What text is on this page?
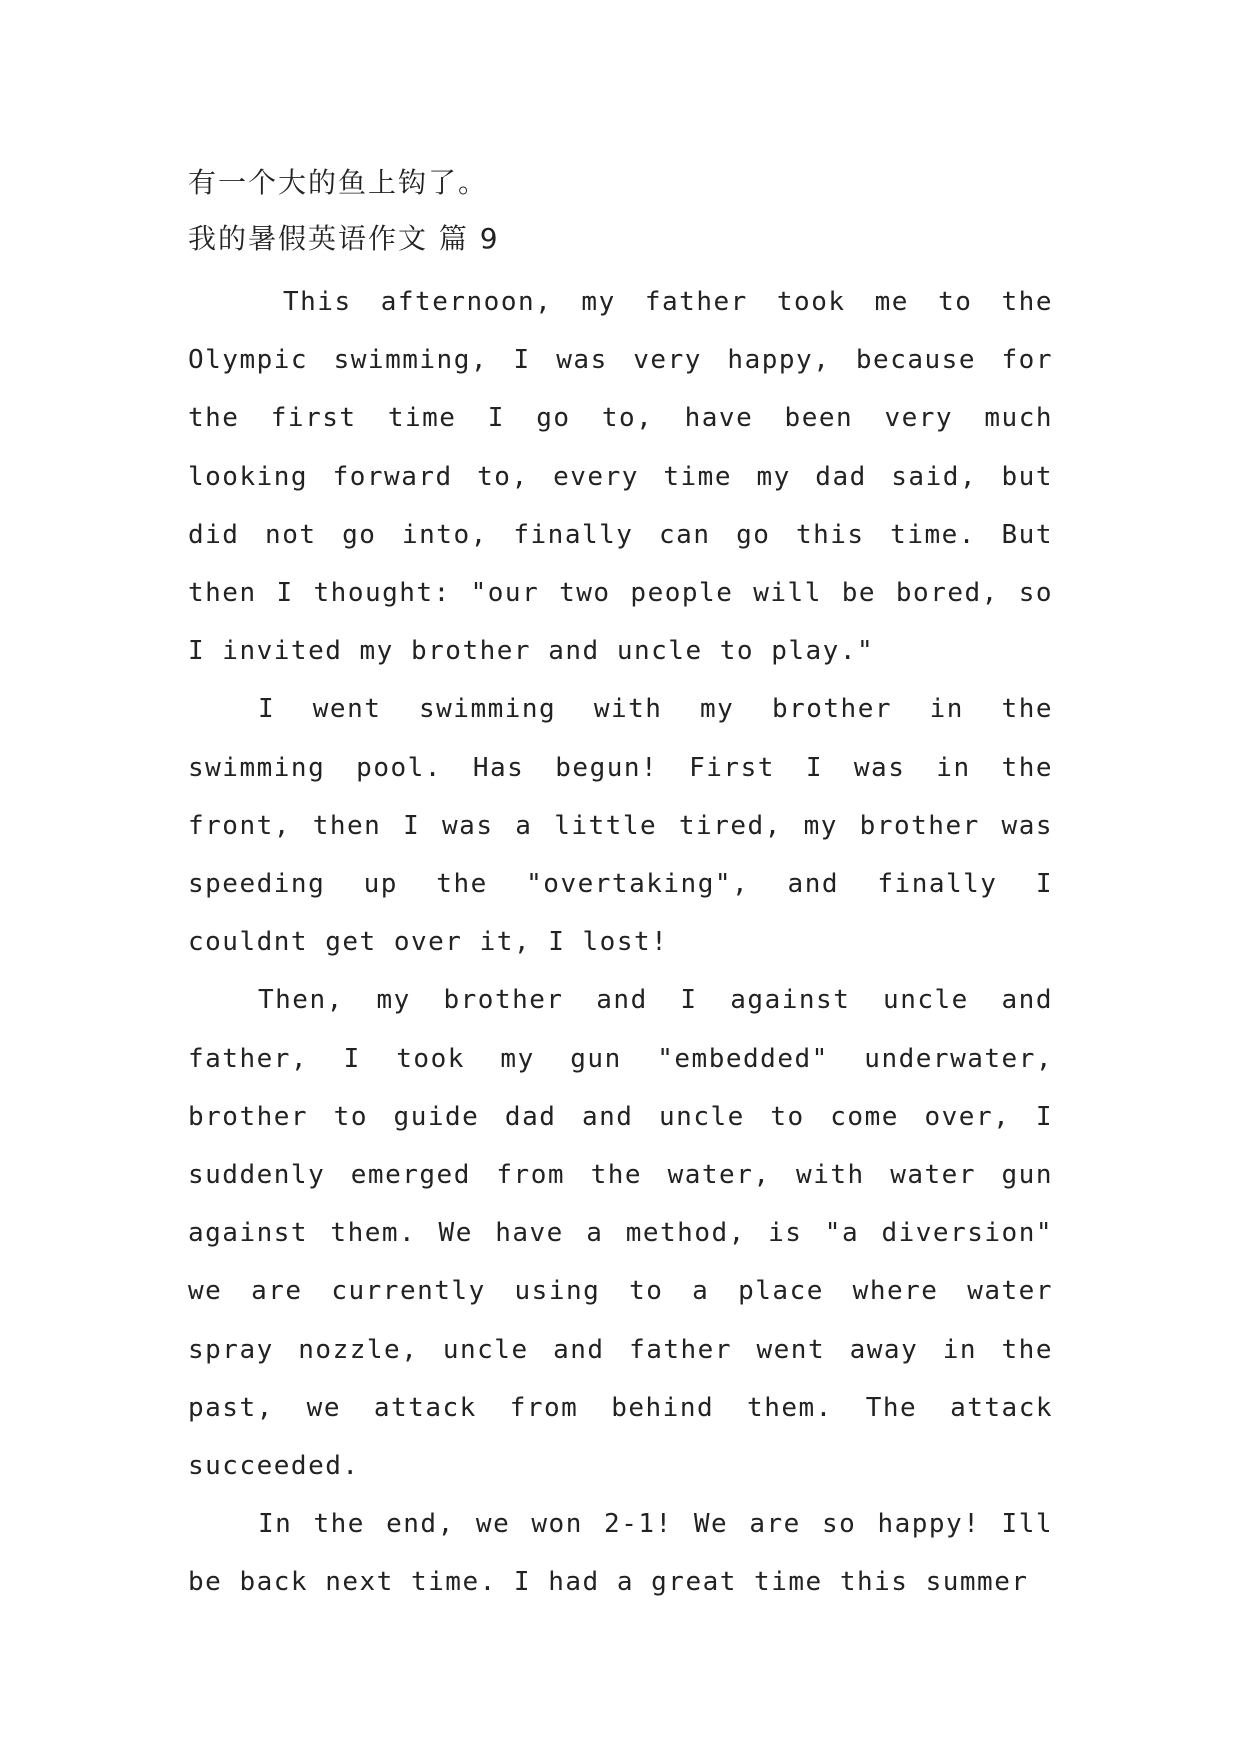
有一个大的鱼上钩了。
我的暑假英语作文 篇 9

This afternoon, my father took me to the Olympic swimming, I was very happy, because for the first time I go to, have been very much looking forward to, every time my dad said, but did not go into, finally can go this time. But then I thought: "our two people will be bored, so I invited my brother and uncle to play."

I went swimming with my brother in the swimming pool. Has begun! First I was in the front, then I was a little tired, my brother was speeding up the "overtaking", and finally I couldnt get over it, I lost!

Then, my brother and I against uncle and father, I took my gun "embedded" underwater, brother to guide dad and uncle to come over, I suddenly emerged from the water, with water gun against them. We have a method, is "a diversion" we are currently using to a place where water spray nozzle, uncle and father went away in the past, we attack from behind them. The attack succeeded.

In the end, we won 2-1! We are so happy! Ill be back next time. I had a great time this summer
